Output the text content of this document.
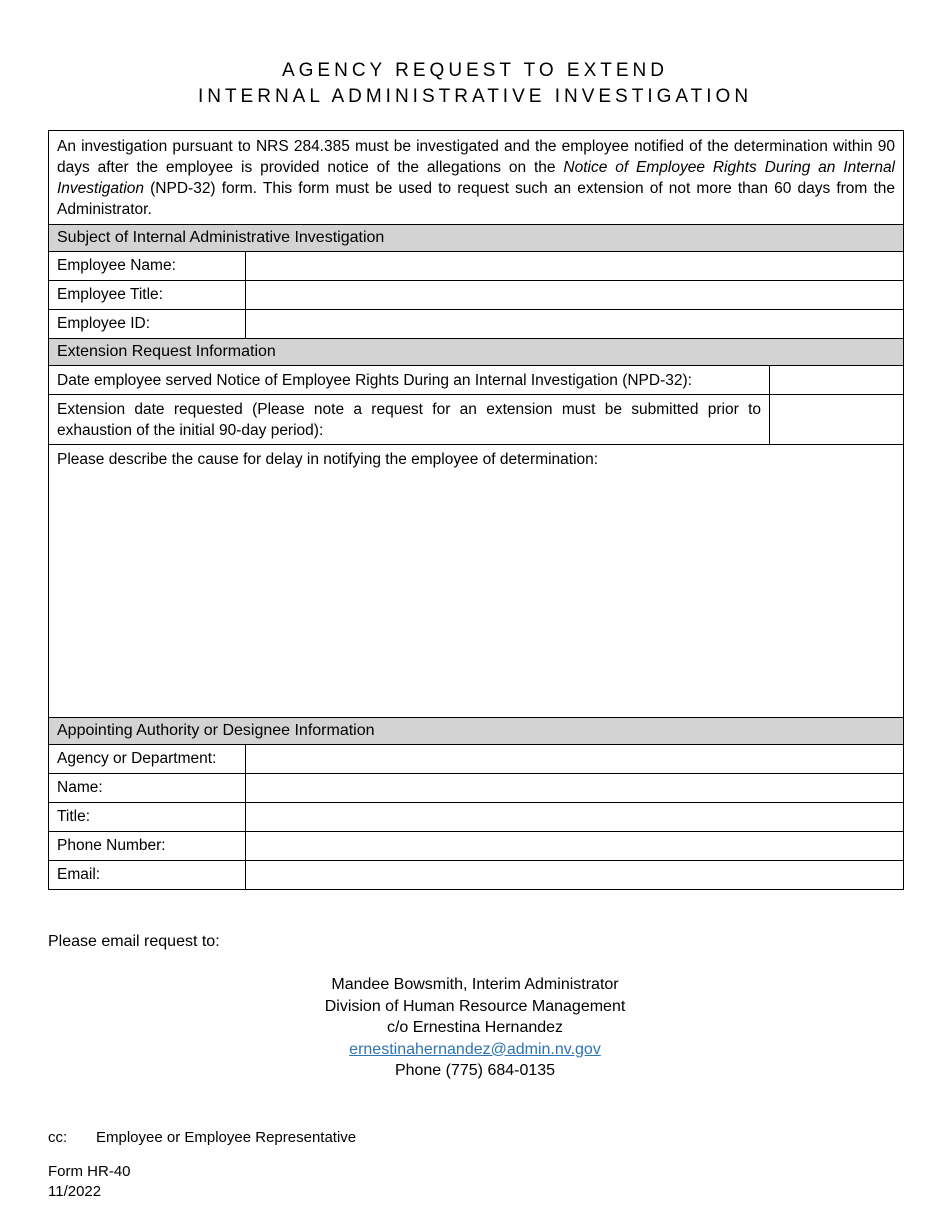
AGENCY REQUEST TO EXTEND
INTERNAL ADMINISTRATIVE INVESTIGATION
An investigation pursuant to NRS 284.385 must be investigated and the employee notified of the determination within 90 days after the employee is provided notice of the allegations on the Notice of Employee Rights During an Internal Investigation (NPD-32) form. This form must be used to request such an extension of not more than 60 days from the Administrator.		
Subject of Internal Administrative Investigation		
Employee Name:		
Employee Title:		
Employee ID:		
Extension Request Information		
Date employee served Notice of Employee Rights During an Internal Investigation (NPD-32):		
Extension date requested (Please note a request for an extension must be submitted prior to exhaustion of the initial 90-day period):		

Please describe the cause for delay in notifying the employee of determination:		

Appointing Authority or Designee Information		
Agency or Department:		
Name:		
Title:		
Phone Number:		
Email:		
Please email request to:
Mandee Bowsmith, Interim Administrator
Division of Human Resource Management
c/o Ernestina Hernandez
ernestinahernandez@admin.nv.gov
Phone (775) 684-0135
cc:	Employee or Employee Representative
Form HR-40
11/2022
